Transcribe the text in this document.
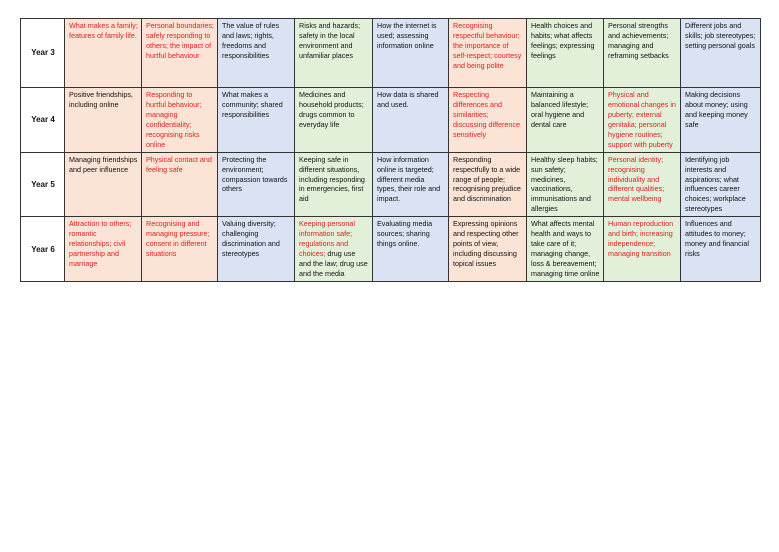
Year 3	What makes a family; features of family life.	Personal boundaries; safely responding to others; the impact of hurtful behaviour	The value of rules and laws; rights, freedoms and responsibilities	Risks and hazards; safety in the local environment and unfamiliar places	How the internet is used; assessing information online	Recognising respectful behaviour; the importance of self-respect; courtesy and being polite	Health choices and habits; what affects feelings; expressing feelings	Personal strengths and achievements; managing and reframing setbacks	Different jobs and skills; job stereotypes; setting personal goals
Year 4	Positive friendships, including online	Responding to hurtful behaviour; managing confidentiality; recognising risks online	What makes a community; shared responsibilities	Medicines and household products; drugs common to everyday life	How data is shared and used.	Respecting differences and similarities; discussing difference sensitively	Maintaining a balanced lifestyle; oral hygiene and dental care	Physical and emotional changes in puberty; external genitalia; personal hygiene routines; support with puberty	Making decisions about money; using and keeping money safe
Year 5	Managing friendships and peer influence	Physical contact and feeling safe	Protecting the environment; compassion towards others	Keeping safe in different situations, including responding in emergencies, first aid	How information online is targeted; different media types, their role and impact.	Responding respectfully to a wide range of people; recognising prejudice and discrimination	Healthy sleep habits; sun safety; medicines, vaccinations, immunisations and allergies	Personal identity; recognising individuality and different qualities; mental wellbeing	Identifying job interests and aspirations; what influences career choices; workplace stereotypes
Year 6	Attraction to others; romantic relationships; civil partnership and marriage	Recognising and managing pressure; consent in different situations	Valuing diversity; challenging discrimination and stereotypes	Keeping personal information safe; regulations and choices; drug use and the law; drug use and the media	Evaluating media sources; sharing things online.	Expressing opinions and respecting other points of view, including discussing topical issues	What affects mental health and ways to take care of it; managing change, loss & bereavement; managing time online	Human reproduction and birth; increasing independence; managing transition	Influences and attitudes to money; money and financial risks
